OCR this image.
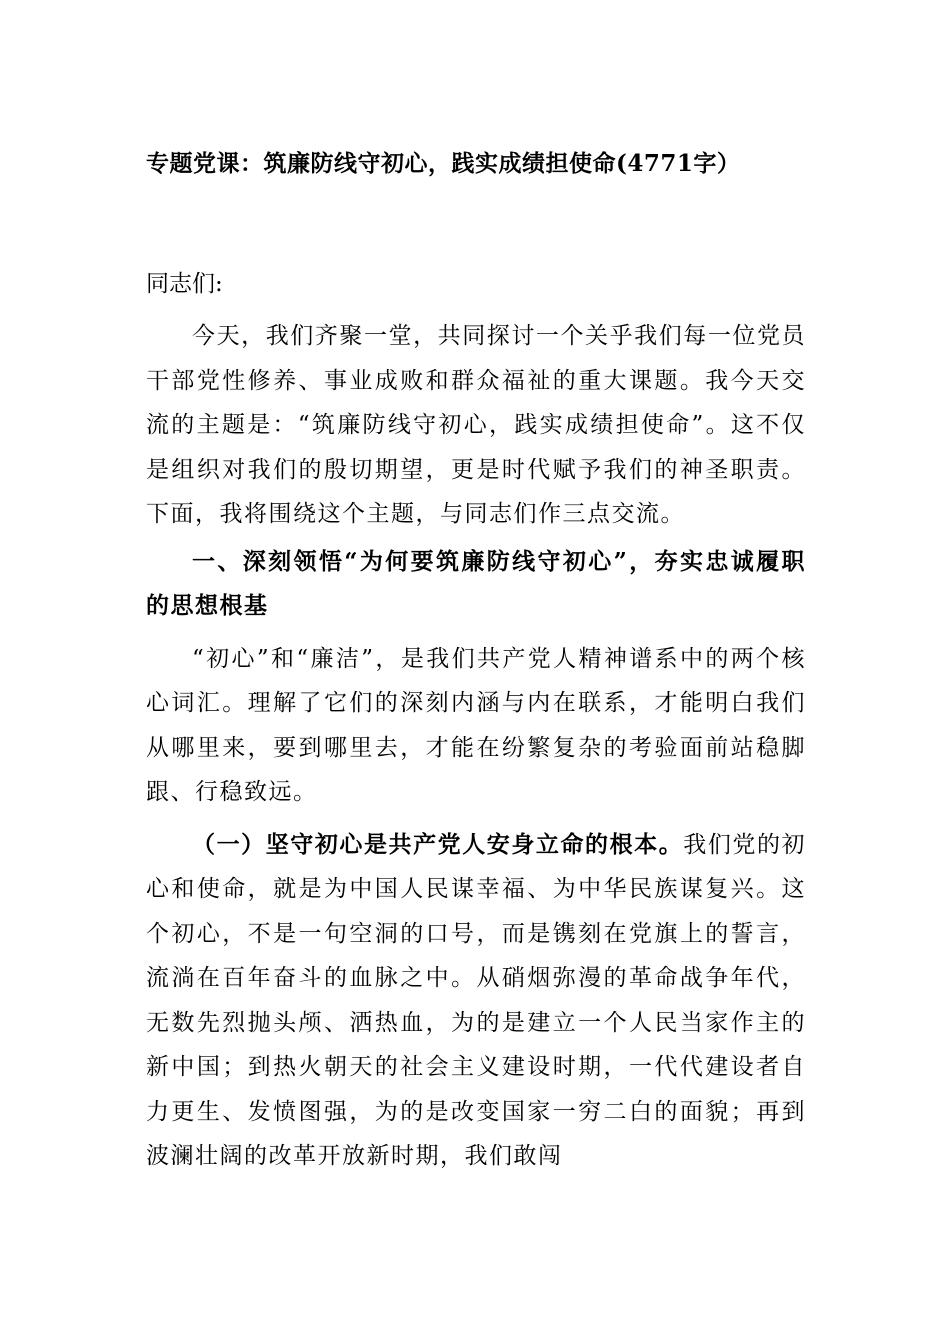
专题党课：筑廉防线守初心，践实成绩担使命(4771字）

同志们:

今天，我们齐聚一堂，共同探讨一个关乎我们每一位党员干部党性修养、事业成败和群众福祉的重大课题。我今天交流的主题是：“筑廉防线守初心，践实成绩担使命”。这不仅是组织对我们的殷切期望，更是时代赋予我们的神圣职责。下面，我将围绕这个主题，与同志们作三点交流。

一、深刻领悟“为何要筑廉防线守初心”，夯实忠诚履职的思想根基

“初心”和“廉洁”，是我们共产党人精神谱系中的两个核心词汇。理解了它们的深刻内涵与内在联系，才能明白我们从哪里来，要到哪里去，才能在纷繁复杂的考验面前站稳脚跟、行稳致远。

（一）坚守初心是共产党人安身立命的根本。我们党的初心和使命，就是为中国人民谋幸福、为中华民族谋复兴。这个初心，不是一句空洞的口号，而是镌刻在党旗上的誓言，流淌在百年奋斗的血脉之中。从硝烟弥漫的革命战争年代，无数先烈抛头颅、洒热血，为的是建立一个人民当家作主的新中国；到热火朝天的社会主义建设时期，一代代建设者自力更生、发愤图强，为的是改变国家一穷二白的面貌；再到波澜壮阔的改革开放新时期，我们敢闯
